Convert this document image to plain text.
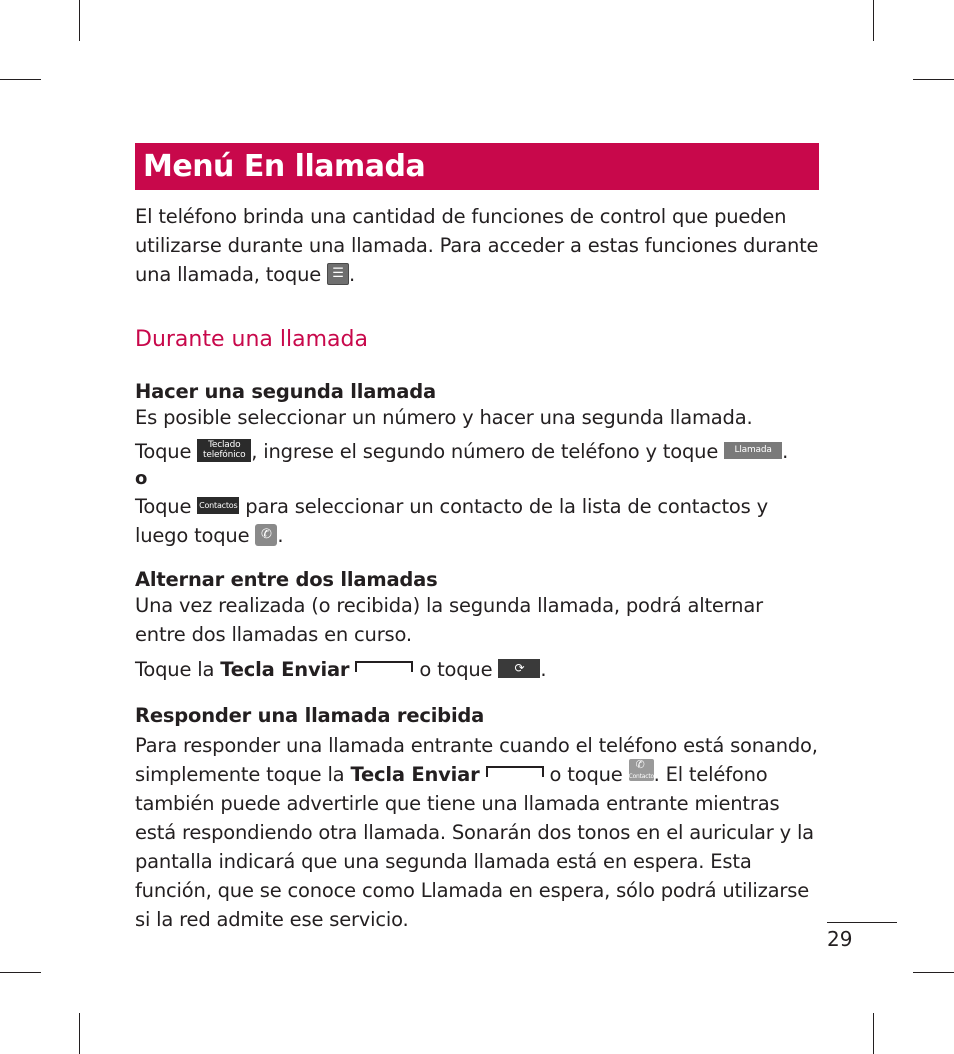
Menú En llamada

El teléfono brinda una cantidad de funciones de control que pueden utilizarse durante una llamada. Para acceder a estas funciones durante una llamada, toque ☰ .

Durante una llamada
Hacer una segunda llamada

Es posible seleccionar un número y hacer una segunda llamada.

Toque Teclado
telefónico , ingrese el segundo número de teléfono y toque Llamada .

o

Toque Contactos para seleccionar un contacto de la lista de contactos y luego toque ✆ .

Alternar entre dos llamadas

Una vez realizada (o recibida) la segunda llamada, podrá alternar entre dos llamadas en curso.

Toque la Tecla Enviar	o toque ⟳ .

Responder una llamada recibida

Para responder una llamada entrante cuando el teléfono está sonando, simplemente toque la Tecla Enviar	o toque ✆
Contactos
. El teléfono también puede advertirle que tiene una llamada entrante mientras está respondiendo otra llamada. Sonarán dos tonos en el auricular y la pantalla indicará que una segunda llamada está en espera. Esta función, que se conoce como Llamada en espera, sólo podrá utilizarse si la red admite ese servicio.

29
